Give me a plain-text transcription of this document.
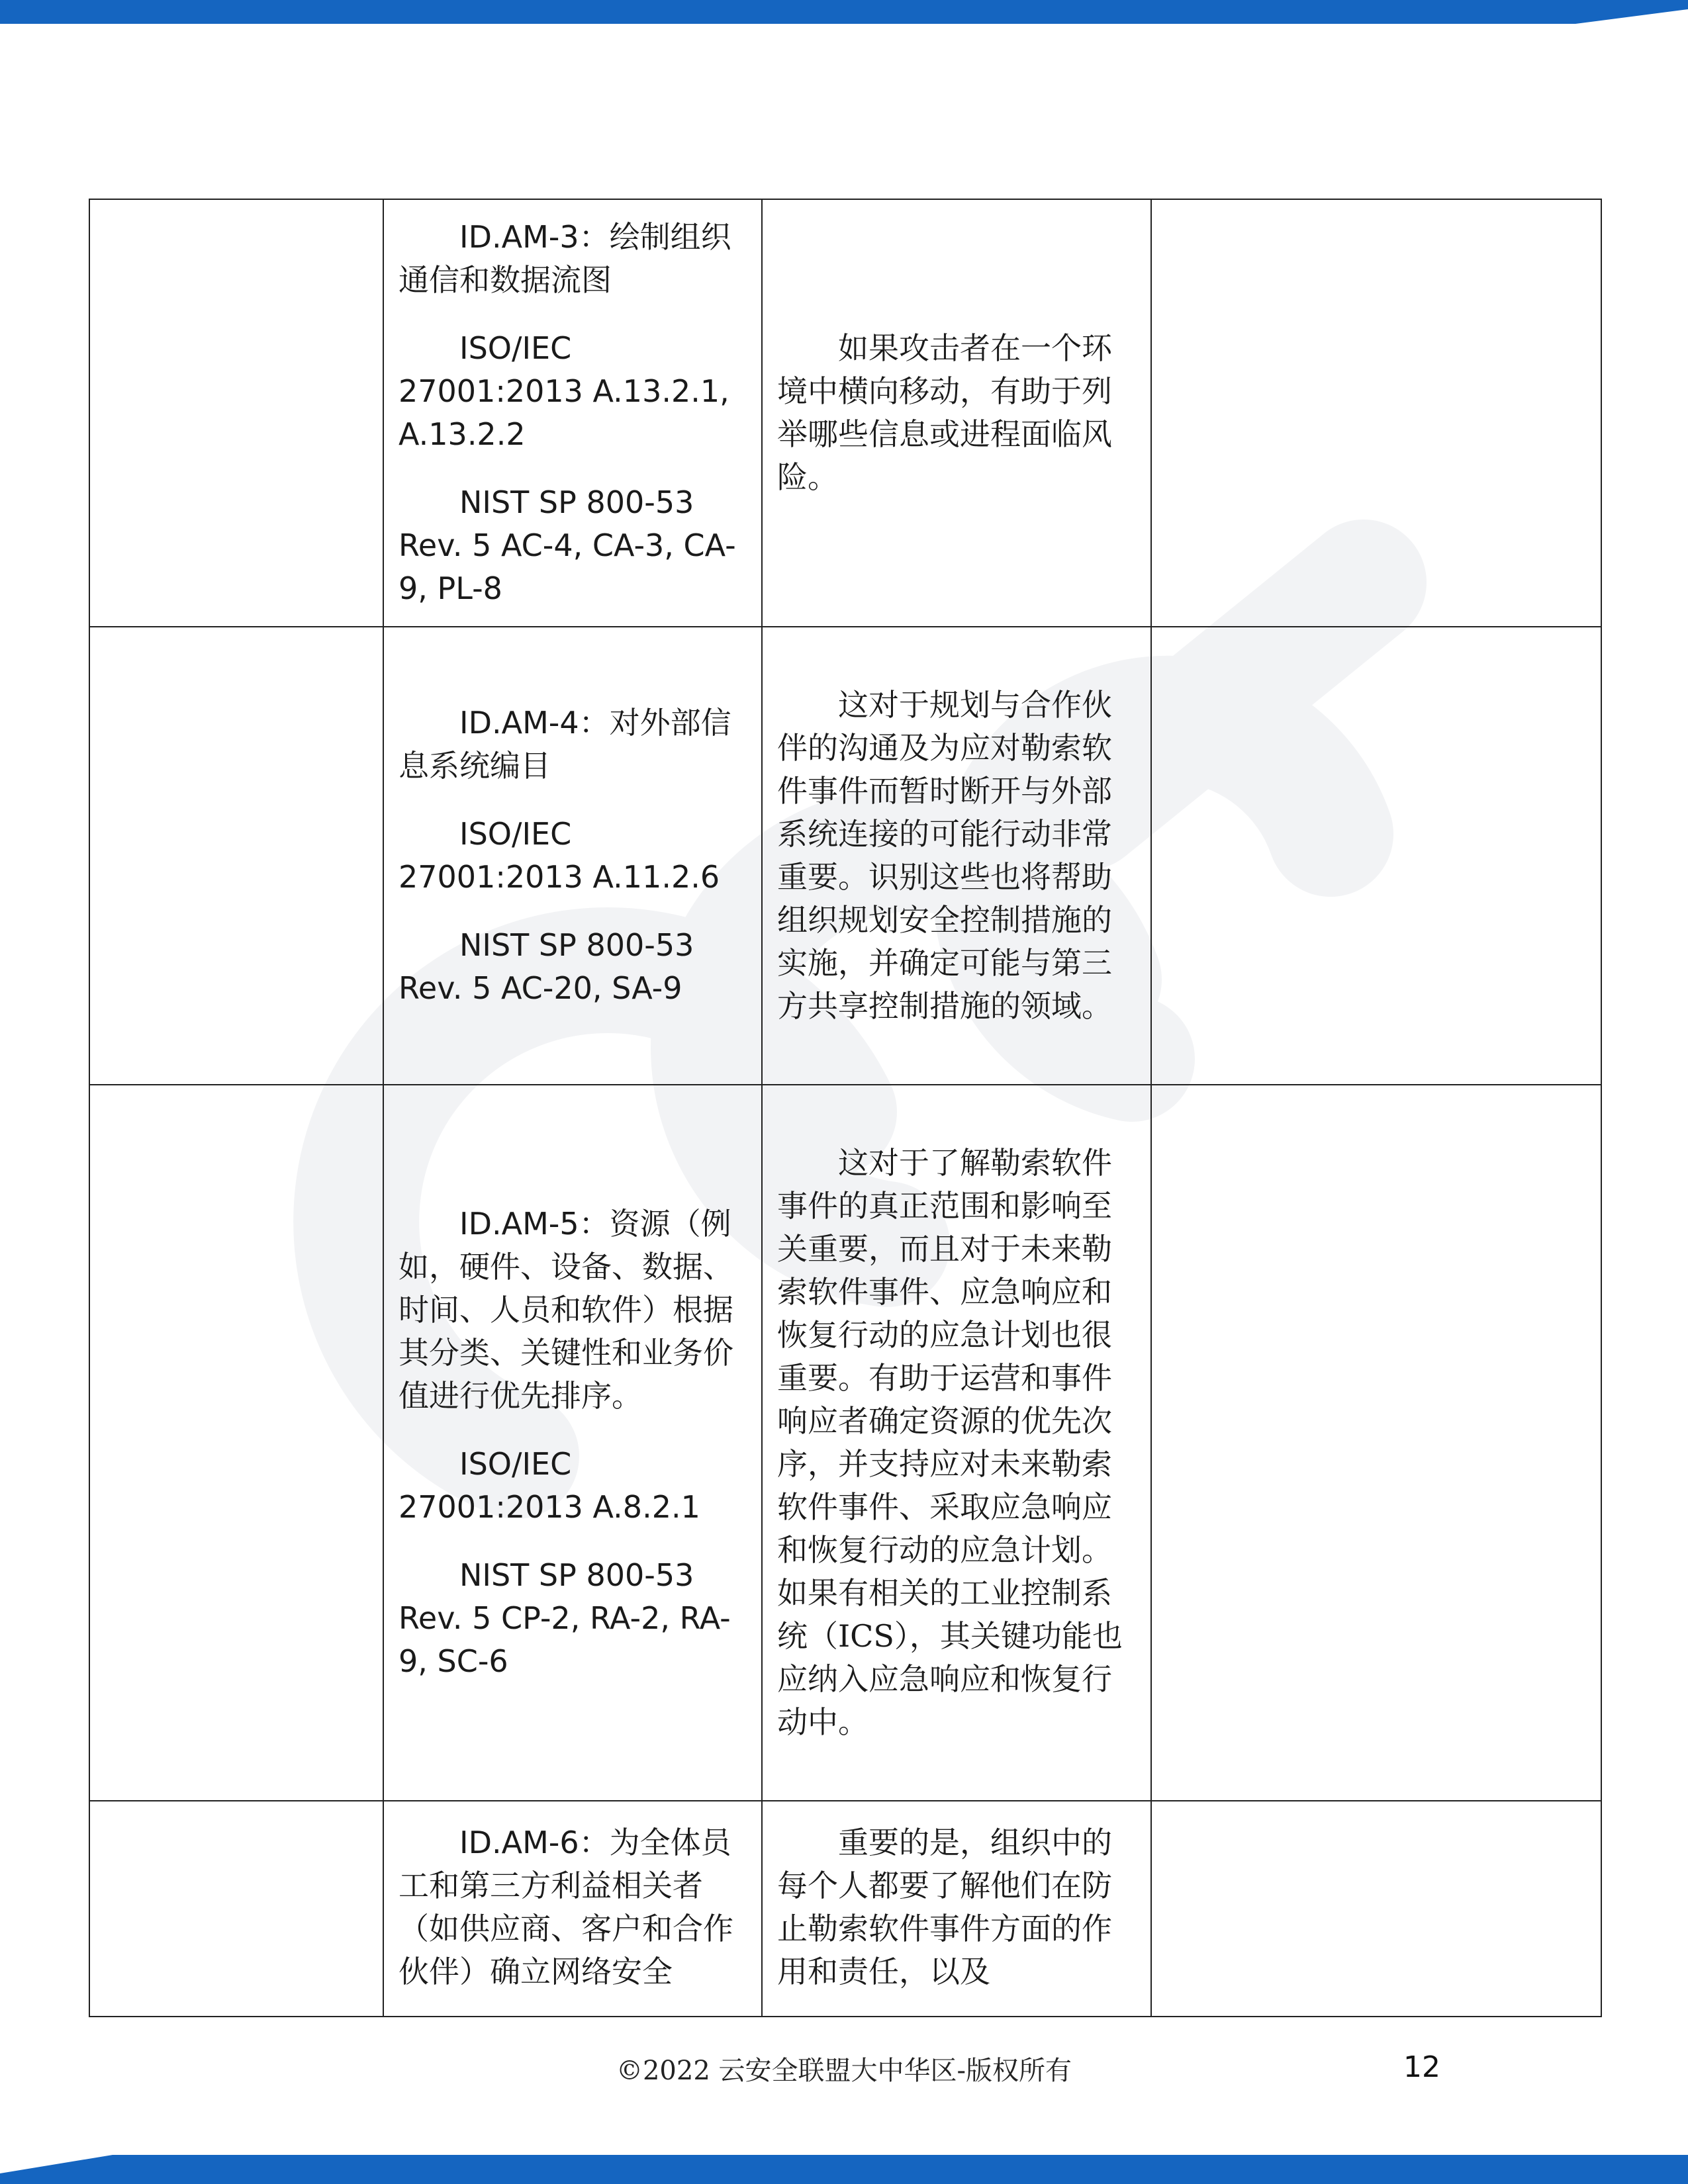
	ID.AM-3：绘制组织通信和数据流图

ISO/IEC 27001:2013 A.13.2.1, A.13.2.2

NIST SP 800-53 Rev. 5 AC-4, CA-3, CA-9, PL-8	如果攻击者在一个环境中横向移动，有助于列举哪些信息或进程面临风险。	

	ID.AM-4：对外部信息系统编目

ISO/IEC 27001:2013 A.11.2.6

NIST SP 800-53 Rev. 5 AC-20, SA-9	这对于规划与合作伙伴的沟通及为应对勒索软件事件而暂时断开与外部系统连接的可能行动非常重要。识别这些也将帮助组织规划安全控制措施的实施，并确定可能与第三方共享控制措施的领域。	

	ID.AM-5：资源（例如，硬件、设备、数据、时间、人员和软件）根据其分类、关键性和业务价值进行优先排序。

ISO/IEC 27001:2013 A.8.2.1

NIST SP 800-53 Rev. 5 CP-2, RA-2, RA-9, SC-6	这对于了解勒索软件事件的真正范围和影响至关重要，而且对于未来勒索软件事件、应急响应和恢复行动的应急计划也很重要。有助于运营和事件响应者确定资源的优先次序，并支持应对未来勒索软件事件、采取应急响应和恢复行动的应急计划。如果有相关的工业控制系统（ICS），其关键功能也应纳入应急响应和恢复行动中。	

	ID.AM-6：为全体员工和第三方利益相关者（如供应商、客户和合作伙伴）确立网络安全	重要的是，组织中的每个人都要了解他们在防止勒索软件事件方面的作用和责任，以及	

©2022 云安全联盟大中华区-版权所有	12
